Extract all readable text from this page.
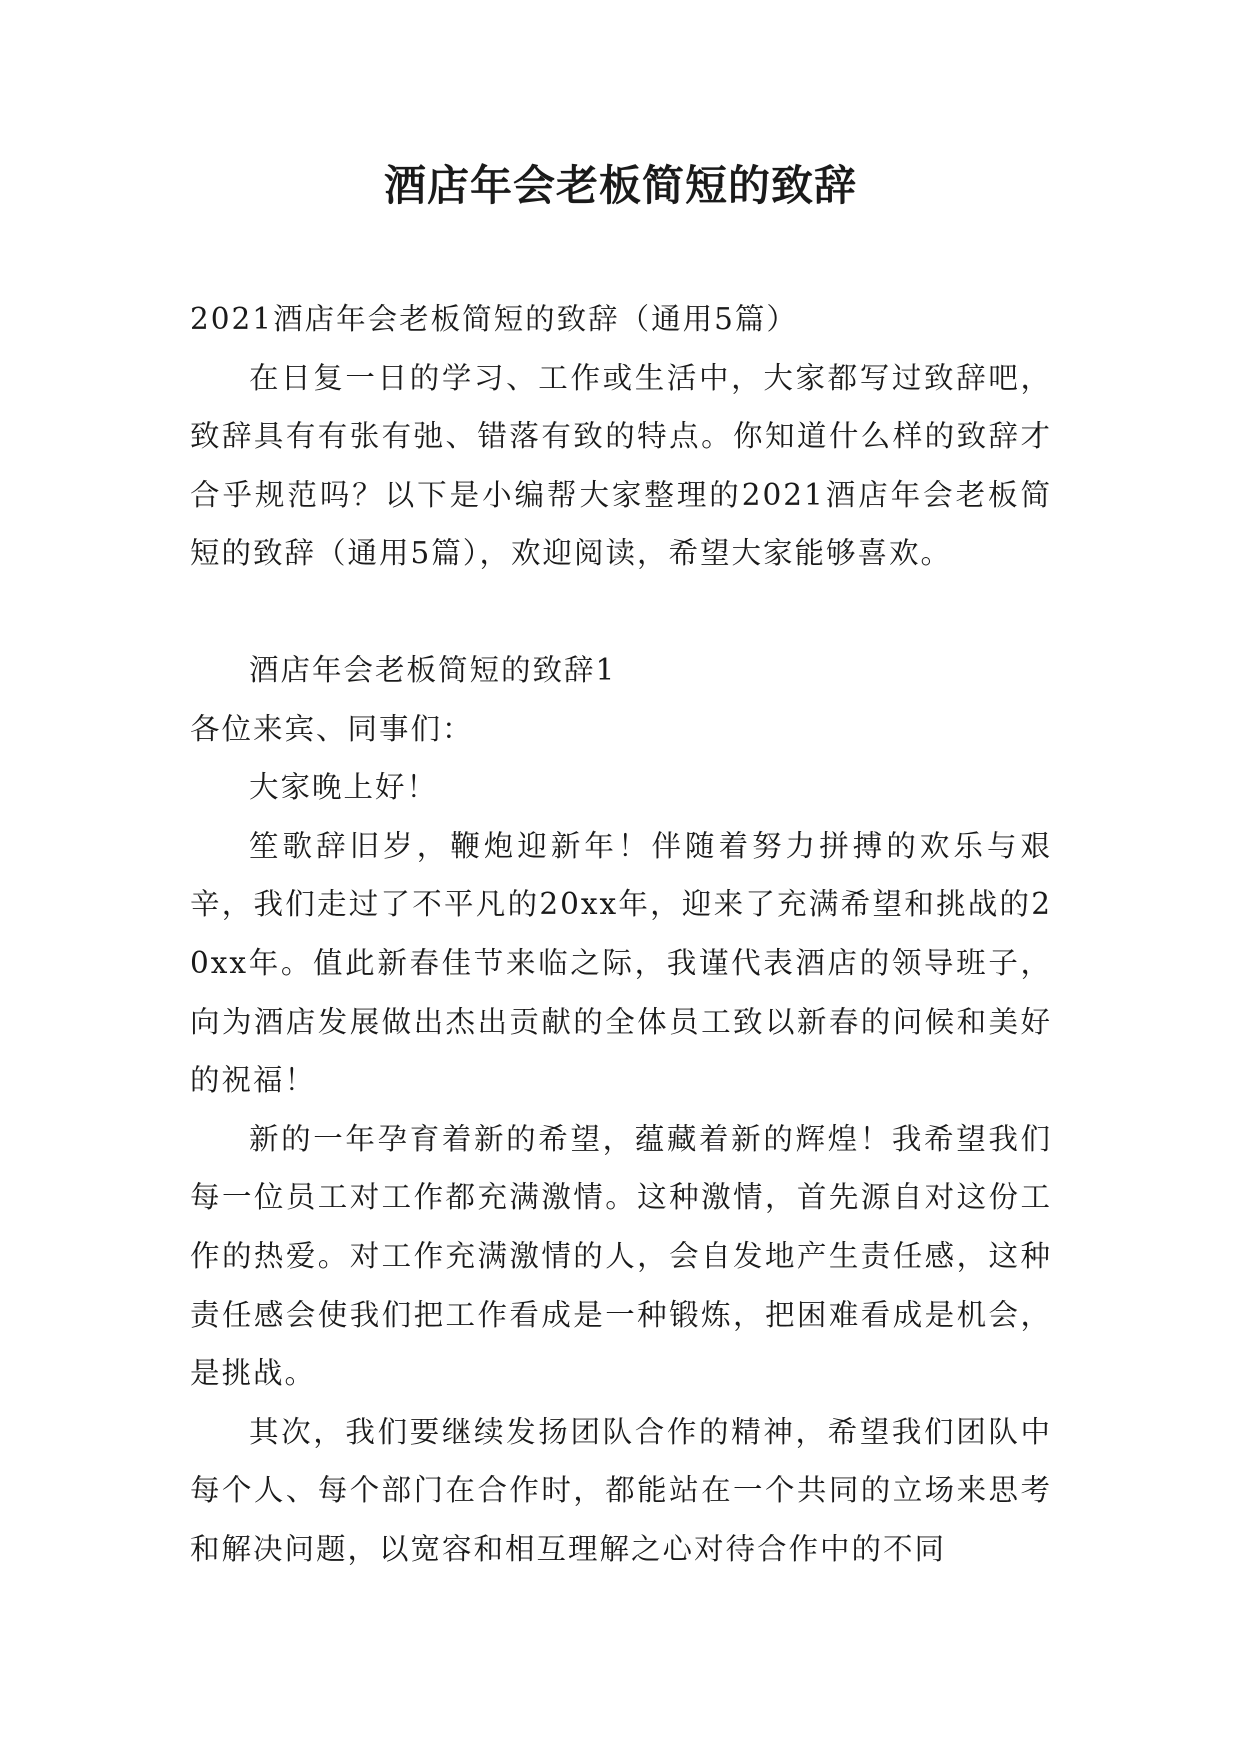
酒店年会老板简短的致辞

2021酒店年会老板简短的致辞（通用5篇）

在日复一日的学习、工作或生活中，大家都写过致辞吧，致辞具有有张有弛、错落有致的特点。你知道什么样的致辞才合乎规范吗？以下是小编帮大家整理的2021酒店年会老板简短的致辞（通用5篇），欢迎阅读，希望大家能够喜欢。

酒店年会老板简短的致辞1

各位来宾、同事们：

大家晚上好！

笙歌辞旧岁，鞭炮迎新年！伴随着努力拼搏的欢乐与艰辛，我们走过了不平凡的20xx年，迎来了充满希望和挑战的20xx年。值此新春佳节来临之际，我谨代表酒店的领导班子，向为酒店发展做出杰出贡献的全体员工致以新春的问候和美好的祝福！

新的一年孕育着新的希望，蕴藏着新的辉煌！我希望我们每一位员工对工作都充满激情。这种激情，首先源自对这份工作的热爱。对工作充满激情的人，会自发地产生责任感，这种责任感会使我们把工作看成是一种锻炼，把困难看成是机会，是挑战。

其次，我们要继续发扬团队合作的精神，希望我们团队中每个人、每个部门在合作时，都能站在一个共同的立场来思考和解决问题，以宽容和相互理解之心对待合作中的不同
